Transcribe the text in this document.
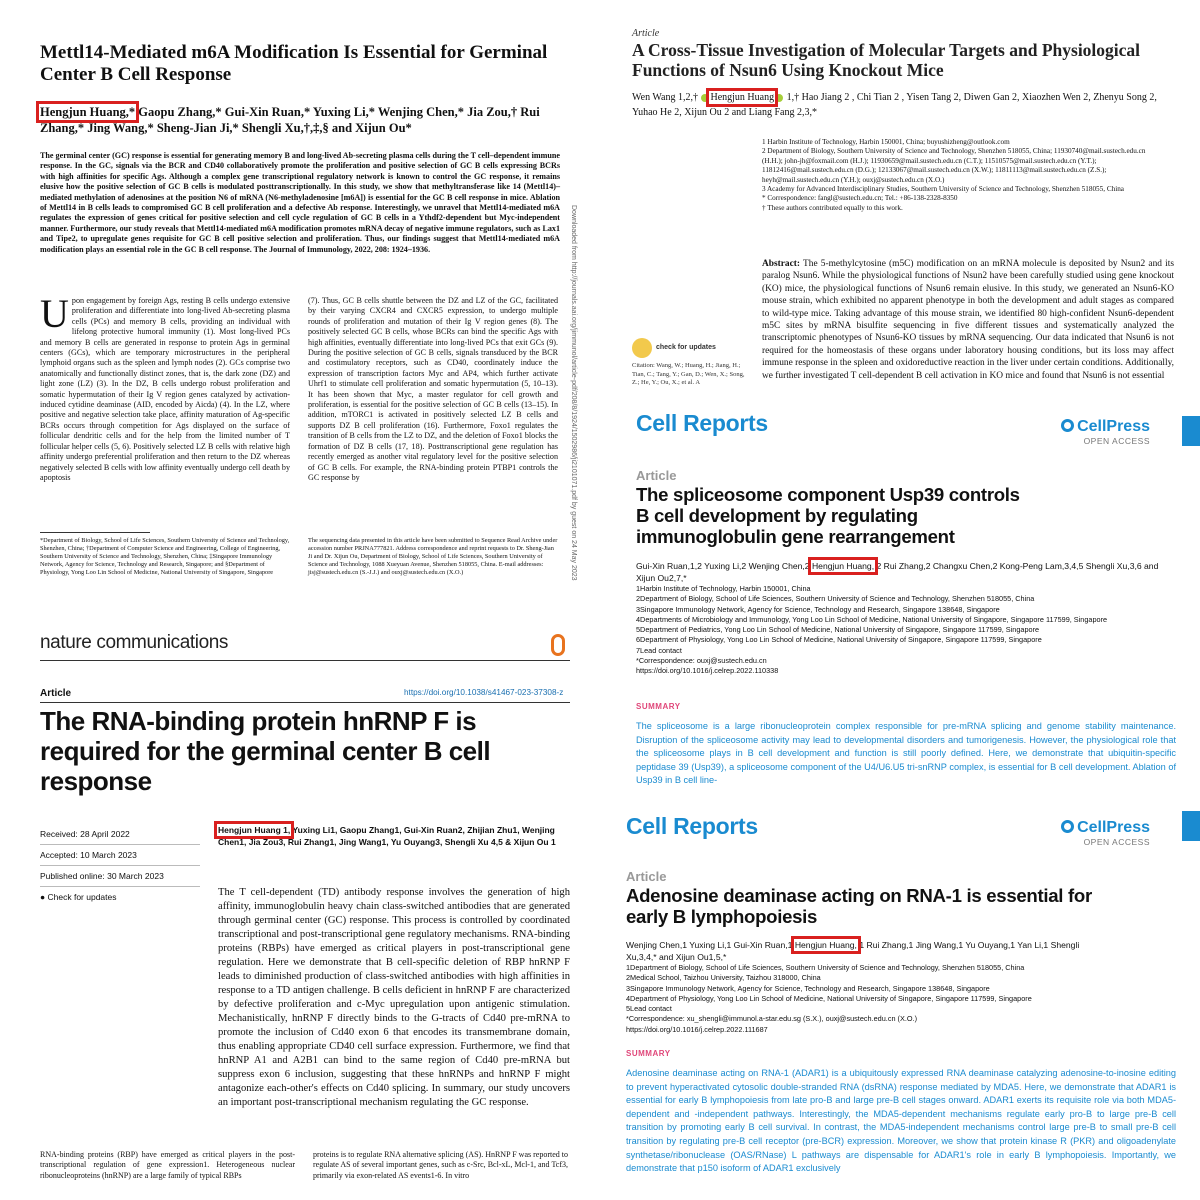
Mettl14-Mediated m6A Modification Is Essential for Germinal Center B Cell Response
Hengjun Huang,* Gaopu Zhang,* Gui-Xin Ruan,* Yuxing Li,* Wenjing Chen,* Jia Zou,† Rui Zhang,* Jing Wang,* Sheng-Jian Ji,* Shengli Xu,†,‡,§ and Xijun Ou*
The germinal center (GC) response is essential for generating memory B and long-lived Ab-secreting plasma cells during the T cell–dependent immune response. In the GC, signals via the BCR and CD40 collaboratively promote the proliferation and positive selection of GC B cells expressing BCRs with high affinities for specific Ags. Although a complex gene transcriptional regulatory network is known to control the GC response, it remains elusive how the positive selection of GC B cells is modulated posttranscriptionally. In this study, we show that methyltransferase like 14 (Mettl14)–mediated methylation of adenosines at the position N6 of mRNA (N6-methyladenosine [m6A]) is essential for the GC B cell response in mice. Ablation of Mettl14 in B cells leads to compromised GC B cell proliferation and a defective Ab response. Interestingly, we unravel that Mettl14-mediated m6A regulates the expression of genes critical for positive selection and cell cycle regulation of GC B cells in a Ythdf2-dependent but Myc-independent manner. Furthermore, our study reveals that Mettl14-mediated m6A modification promotes mRNA decay of negative immune regulators, such as Lax1 and Tipe2, to upregulate genes requisite for GC B cell positive selection and proliferation. Thus, our findings suggest that Mettl14-mediated m6A modification plays an essential role in the GC B cell response. The Journal of Immunology, 2022, 208: 1924–1936.
Upon engagement by foreign Ags, resting B cells undergo extensive proliferation and differentiate into long-lived Ab-secreting plasma cells (PCs) and memory B cells, providing an individual with lifelong protective humoral immunity (1). Most long-lived PCs and memory B cells are generated in response to protein Ags in germinal centers (GCs), which are temporary microstructures in the peripheral lymphoid organs such as the spleen and lymph nodes (2). GCs comprise two anatomically and functionally distinct zones, that is, the dark zone (DZ) and light zone (LZ) (3). In the DZ, B cells undergo robust proliferation and somatic hypermutation of their Ig V region genes catalyzed by activation-induced cytidine deaminase (AID, encoded by Aicda) (4). In the LZ, where positive and negative selection take place, affinity maturation of Ag-specific BCRs occurs through competition for Ags displayed on the surface of follicular dendritic cells and for the help from the limited number of T follicular helper cells (5, 6). Positively selected LZ B cells with relative high affinity undergo preferential proliferation and then return to the DZ whereas negatively selected B cells with low affinity eventually undergo cell death by apoptosis
(7). Thus, GC B cells shuttle between the DZ and LZ of the GC, facilitated by their varying CXCR4 and CXCR5 expression, to undergo multiple rounds of proliferation and mutation of their Ig V region genes (8). The positively selected GC B cells, whose BCRs can bind the specific Ags with high affinities, eventually differentiate into long-lived PCs that exit GCs (9). During the positive selection of GC B cells, signals transduced by the BCR and costimulatory receptors, such as CD40, coordinately induce the expression of transcription factors Myc and AP4, which further activate Uhrf1 to stimulate cell proliferation and somatic hypermutation (5, 10–13). It has been shown that Myc, a master regulator for cell growth and proliferation, is essential for the positive selection of GC B cells (13–15). In addition, mTORC1 is activated in positively selected LZ B cells and supports DZ B cell proliferation (16). Furthermore, Foxo1 regulates the transition of B cells from the LZ to DZ, and the deletion of Foxo1 blocks the formation of DZ B cells (17, 18). Posttranscriptional gene regulation has recently emerged as another vital regulatory level for the positive selection of GC B cells. For example, the RNA-binding protein PTBP1 controls the GC response by	Downloaded from http://journals.aai.org/jimmunol/article-pdf/208/8/1924/1502986/ji2101071.pdf by guest on 24 May 2023
*Department of Biology, School of Life Sciences, Southern University of Science and Technology, Shenzhen, China; †Department of Computer Science and Engineering, College of Engineering, Southern University of Science and Technology, Shenzhen, China; ‡Singapore Immunology Network, Agency for Science, Technology and Research, Singapore; and §Department of Physiology, Yong Loo Lin School of Medicine, National University of Singapore, Singapore
The sequencing data presented in this article have been submitted to Sequence Read Archive under accession number PRJNA777821. Address correspondence and reprint requests to Dr. Sheng-Jian Ji and Dr. Xijun Ou, Department of Biology, School of Life Sciences, Southern University of Science and Technology, 1088 Xueyuan Avenue, Shenzhen 518055, China. E-mail addresses: jisj@sustech.edu.cn (S.-J.J.) and ouxj@sustech.edu.cn (X.O.)
Article
A Cross-Tissue Investigation of Molecular Targets and Physiological Functions of Nsun6 Using Knockout Mice
Wen Wang 1,2,† Hengjun Huang 1,† Hao Jiang 2 , Chi Tian 2 , Yisen Tang 2, Diwen Gan 2, Xiaozhen Wen 2, Zhenyu Song 2, Yuhao He 2, Xijun Ou 2 and Liang Fang 2,3,*
1 Harbin Institute of Technology, Harbin 150001, China; buyushizheng@outlook.com
2 Department of Biology, Southern University of Science and Technology, Shenzhen 518055, China; 11930740@mail.sustech.edu.cn (H.H.); john-jh@foxmail.com (H.J.); 11930659@mail.sustech.edu.cn (C.T.); 11510575@mail.sustech.edu.cn (Y.T.); 11812416@mail.sustech.edu.cn (D.G.); 12133067@mail.sustech.edu.cn (X.W.); 11811113@mail.sustech.edu.cn (Z.S.); heyh@mail.sustech.edu.cn (Y.H.); ouxj@sustech.edu.cn (X.O.)
3 Academy for Advanced Interdisciplinary Studies, Southern University of Science and Technology, Shenzhen 518055, China
* Correspondence: fangl@sustech.edu.cn; Tel.: +86-138-2328-8350
† These authors contributed equally to this work.
check for updates
Citation: Wang, W.; Huang, H.; Jiang, H.; Tian, C.; Tang, Y.; Gan, D.; Wen, X.; Song, Z.; He, Y.; Ou, X.; et al. A
Abstract: The 5-methylcytosine (m5C) modification on an mRNA molecule is deposited by Nsun2 and its paralog Nsun6. While the physiological functions of Nsun2 have been carefully studied using gene knockout (KO) mice, the physiological functions of Nsun6 remain elusive. In this study, we generated an Nsun6-KO mouse strain, which exhibited no apparent phenotype in both the development and adult stages as compared to wild-type mice. Taking advantage of this mouse strain, we identified 80 high-confident Nsun6-dependent m5C sites by mRNA bisulfite sequencing in five different tissues and systematically analyzed the transcriptomic phenotypes of Nsun6-KO tissues by mRNA sequencing. Our data indicated that Nsun6 is not required for the homeostasis of these organs under laboratory housing conditions, but its loss may affect immune response in the spleen and oxidoreductive reaction in the liver under certain conditions. Additionally, we further investigated T cell-dependent B cell activation in KO mice and found that Nsun6 is not essential
Cell Reports	CellPress
OPEN ACCESS
Article
The spliceosome component Usp39 controls B cell development by regulating immunoglobulin gene rearrangement
Gui-Xin Ruan,1,2 Yuxing Li,2 Wenjing Chen,2 Hengjun Huang, 2 Rui Zhang,2 Changxu Chen,2 Kong-Peng Lam,3,4,5 Shengli Xu,3,6 and Xijun Ou2,7,*
1Harbin Institute of Technology, Harbin 150001, China
2Department of Biology, School of Life Sciences, Southern University of Science and Technology, Shenzhen 518055, China
3Singapore Immunology Network, Agency for Science, Technology and Research, Singapore 138648, Singapore
4Departments of Microbiology and Immunology, Yong Loo Lin School of Medicine, National University of Singapore, Singapore 117599, Singapore
5Department of Pediatrics, Yong Loo Lin School of Medicine, National University of Singapore, Singapore 117599, Singapore
6Department of Physiology, Yong Loo Lin School of Medicine, National University of Singapore, Singapore 117599, Singapore
7Lead contact
*Correspondence: ouxj@sustech.edu.cn
https://doi.org/10.1016/j.celrep.2022.110338
SUMMARY
The spliceosome is a large ribonucleoprotein complex responsible for pre-mRNA splicing and genome stability maintenance. Disruption of the spliceosome activity may lead to developmental disorders and tumorigenesis. However, the physiological role that the spliceosome plays in B cell development and function is still poorly defined. Here, we demonstrate that ubiquitin-specific peptidase 39 (Usp39), a spliceosome component of the U4/U6.U5 tri-snRNP complex, is essential for B cell development. Ablation of Usp39 in B cell line-
nature communications
Article	https://doi.org/10.1038/s41467-023-37308-z
The RNA-binding protein hnRNP F is required for the germinal center B cell response
Received: 28 April 2022
Accepted: 10 March 2023
Published online: 30 March 2023
● Check for updates
Hengjun Huang 1, Yuxing Li1, Gaopu Zhang1, Gui-Xin Ruan2, Zhijian Zhu1, Wenjing Chen1, Jia Zou3, Rui Zhang1, Jing Wang1, Yu Ouyang3, Shengli Xu 4,5 & Xijun Ou 1
The T cell-dependent (TD) antibody response involves the generation of high affinity, immunoglobulin heavy chain class-switched antibodies that are generated through germinal center (GC) response. This process is controlled by coordinated transcriptional and post-transcriptional gene regulatory mechanisms. RNA-binding proteins (RBPs) have emerged as critical players in post-transcriptional gene regulation. Here we demonstrate that B cell-specific deletion of RBP hnRNP F leads to diminished production of class-switched antibodies with high affinities in response to a TD antigen challenge. B cells deficient in hnRNP F are characterized by defective proliferation and c-Myc upregulation upon antigenic stimulation. Mechanistically, hnRNP F directly binds to the G-tracts of Cd40 pre-mRNA to promote the inclusion of Cd40 exon 6 that encodes its transmembrane domain, thus enabling appropriate CD40 cell surface expression. Furthermore, we find that hnRNP A1 and A2B1 can bind to the same region of Cd40 pre-mRNA but suppress exon 6 inclusion, suggesting that these hnRNPs and hnRNP F might antagonize each-other's effects on Cd40 splicing. In summary, our study uncovers an important post-transcriptional mechanism regulating the GC response.
RNA-binding proteins (RBP) have emerged as critical players in the post-transcriptional regulation of gene expression1. Heterogeneous nuclear ribonucleoproteins (hnRNP) are a large family of typical RBPs
proteins is to regulate RNA alternative splicing (AS). HnRNP F was reported to regulate AS of several important genes, such as c-Src, Bcl-xL, Mcl-1, and Tcf3, primarily via exon-related AS events1-6. In vitro
Cell Reports	CellPress
OPEN ACCESS
Article
Adenosine deaminase acting on RNA-1 is essential for early B lymphopoiesis
Wenjing Chen,1 Yuxing Li,1 Gui-Xin Ruan,1 Hengjun Huang, 1 Rui Zhang,1 Jing Wang,1 Yu Ouyang,1 Yan Li,1 Shengli Xu,3,4,* and Xijun Ou1,5,*
1Department of Biology, School of Life Sciences, Southern University of Science and Technology, Shenzhen 518055, China
2Medical School, Taizhou University, Taizhou 318000, China
3Singapore Immunology Network, Agency for Science, Technology and Research, Singapore 138648, Singapore
4Department of Physiology, Yong Loo Lin School of Medicine, National University of Singapore, Singapore 117599, Singapore
5Lead contact
*Correspondence: xu_shengli@immunol.a-star.edu.sg (S.X.), ouxj@sustech.edu.cn (X.O.)
https://doi.org/10.1016/j.celrep.2022.111687
SUMMARY
Adenosine deaminase acting on RNA-1 (ADAR1) is a ubiquitously expressed RNA deaminase catalyzing adenosine-to-inosine editing to prevent hyperactivated cytosolic double-stranded RNA (dsRNA) response mediated by MDA5. Here, we demonstrate that ADAR1 is essential for early B lymphopoiesis from late pro-B and large pre-B cell stages onward. ADAR1 exerts its requisite role via both MDA5-dependent and -independent pathways. Interestingly, the MDA5-dependent mechanisms regulate early pro-B to large pre-B cell transition by promoting early B cell survival. In contrast, the MDA5-independent mechanisms control large pre-B to small pre-B cell transition by regulating pre-B cell receptor (pre-BCR) expression. Moreover, we show that protein kinase R (PKR) and oligoadenylate synthetase/ribonuclease (OAS/RNase) L pathways are dispensable for ADAR1's role in early B lymphopoiesis. Importantly, we demonstrate that p150 isoform of ADAR1 exclusively
